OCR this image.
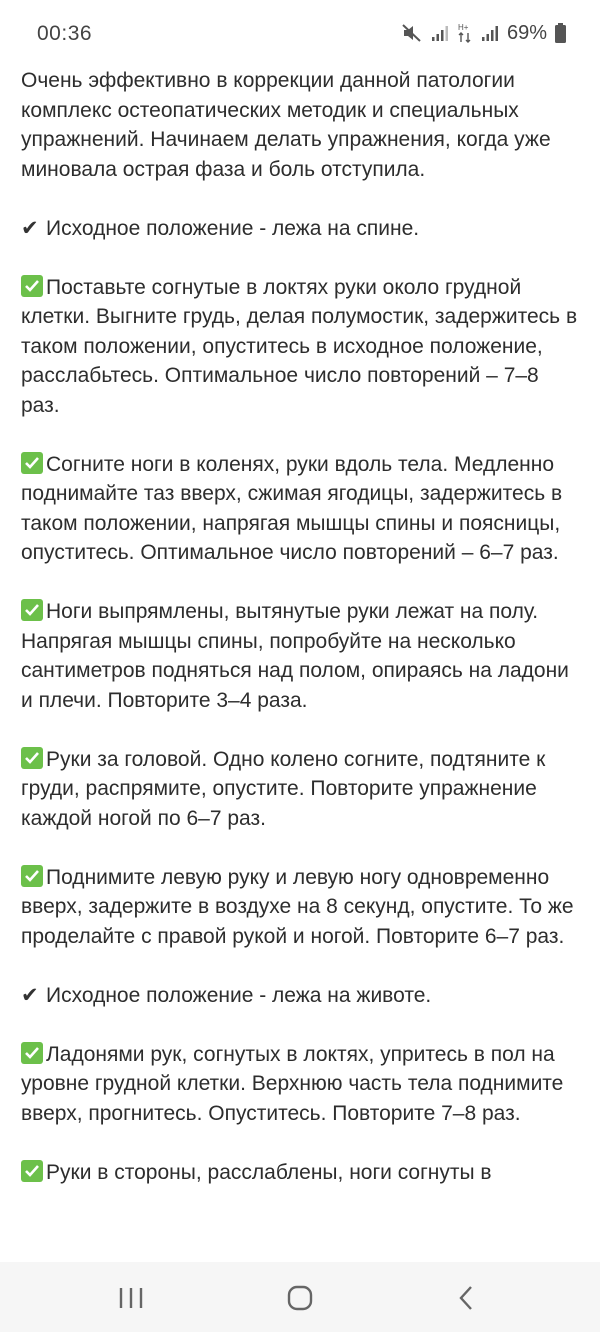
00:36	H+ 69%

Очень эффективно в коррекции данной патологии комплекс остеопатических методик и специальных упражнений. Начинаем делать упражнения, когда уже миновала острая фаза и боль отступила.

✔ Исходное положение - лежа на спине.

Поставьте согнутые в локтях руки около грудной клетки. Выгните грудь, делая полумостик, задержитесь в таком положении, опуститесь в исходное положение, расслабьтесь. Оптимальное число повторений – 7–8 раз.

Согните ноги в коленях, руки вдоль тела. Медленно поднимайте таз вверх, сжимая ягодицы, задержитесь в таком положении, напрягая мышцы спины и поясницы, опуститесь. Оптимальное число повторений – 6–7 раз.

Ноги выпрямлены, вытянутые руки лежат на полу. Напрягая мышцы спины, попробуйте на несколько сантиметров подняться над полом, опираясь на ладони и плечи. Повторите 3–4 раза.

Руки за головой. Одно колено согните, подтяните к груди, распрямите, опустите. Повторите упражнение каждой ногой по 6–7 раз.

Поднимите левую руку и левую ногу одновременно вверх, задержите в воздухе на 8 секунд, опустите. То же проделайте с правой рукой и ногой. Повторите 6–7 раз.

✔ Исходное положение - лежа на животе.

Ладонями рук, согнутых в локтях, упритесь в пол на уровне грудной клетки. Верхнюю часть тела поднимите вверх, прогнитесь. Опуститесь. Повторите 7–8 раз.

Руки в стороны, расслаблены, ноги согнуты в
